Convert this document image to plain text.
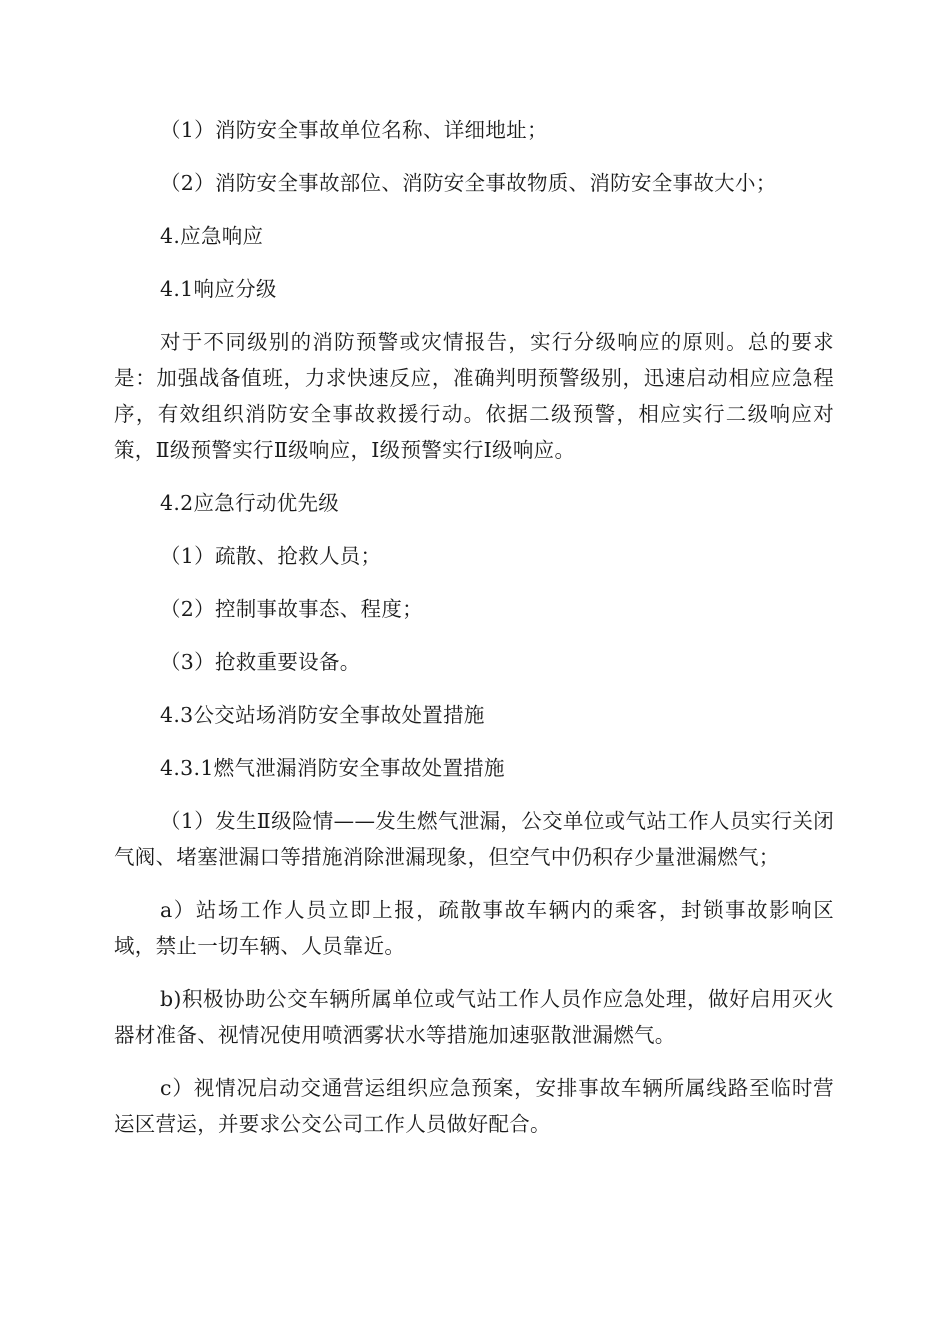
（1）消防安全事故单位名称、详细地址；

（2）消防安全事故部位、消防安全事故物质、消防安全事故大小；

4.应急响应

4.1响应分级

对于不同级别的消防预警或灾情报告，实行分级响应的原则。总的要求是：加强战备值班，力求快速反应，准确判明预警级别，迅速启动相应应急程序，有效组织消防安全事故救援行动。依据二级预警，相应实行二级响应对策，Ⅱ级预警实行Ⅱ级响应，Ⅰ级预警实行Ⅰ级响应。

4.2应急行动优先级

（1）疏散、抢救人员；

（2）控制事故事态、程度；

（3）抢救重要设备。

4.3公交站场消防安全事故处置措施

4.3.1燃气泄漏消防安全事故处置措施

（1）发生Ⅱ级险情——发生燃气泄漏，公交单位或气站工作人员实行关闭气阀、堵塞泄漏口等措施消除泄漏现象，但空气中仍积存少量泄漏燃气；

a）站场工作人员立即上报，疏散事故车辆内的乘客，封锁事故影响区域，禁止一切车辆、人员靠近。

b)积极协助公交车辆所属单位或气站工作人员作应急处理，做好启用灭火器材准备、视情况使用喷洒雾状水等措施加速驱散泄漏燃气。

c）视情况启动交通营运组织应急预案，安排事故车辆所属线路至临时营运区营运，并要求公交公司工作人员做好配合。
